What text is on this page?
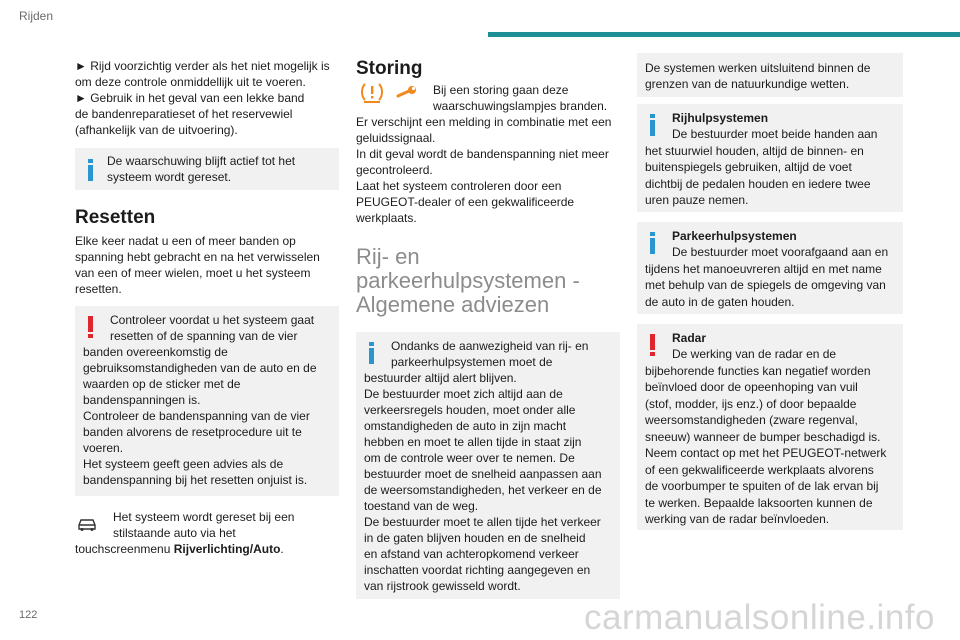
Rijden

► Rijd voorzichtig verder als het niet mogelijk is om deze controle onmiddellijk uit te voeren.

► Gebruik in het geval van een lekke band

de bandenreparatieset of het reservewiel

(afhankelijk van de uitvoering).

De waarschuwing blijft actief tot het systeem wordt gereset.

Resetten

Elke keer nadat u een of meer banden op spanning hebt gebracht en na het verwisselen van een of meer wielen, moet u het systeem resetten.

Controleer voordat u het systeem gaat

resetten of de spanning van de vier

banden overeenkomstig de

gebruiksomstandigheden van de auto en de

waarden op de sticker met de

bandenspanningen is.

Controleer de bandenspanning van de vier

banden alvorens de resetprocedure uit te

voeren.

Het systeem geeft geen advies als de

bandenspanning bij het resetten onjuist is.

Het systeem wordt gereset bij een

stilstaande auto via het

touchscreenmenu Rijverlichting/Auto.

Storing

Bij een storing gaan deze

waarschuwingslampjes branden.

Er verschijnt een melding in combinatie met een

geluidssignaal.

In dit geval wordt de bandenspanning niet meer

gecontroleerd.

Laat het systeem controleren door een

PEUGEOT-dealer of een gekwalificeerde

werkplaats.

Rij- en

parkeerhulpsystemen -

Algemene adviezen

Ondanks de aanwezigheid van rij- en

parkeerhulpsystemen moet de

bestuurder altijd alert blijven.

De bestuurder moet zich altijd aan de

verkeersregels houden, moet onder alle

omstandigheden de auto in zijn macht

hebben en moet te allen tijde in staat zijn

om de controle weer over te nemen. De

bestuurder moet de snelheid aanpassen aan

de weersomstandigheden, het verkeer en de

toestand van de weg.

De bestuurder moet te allen tijde het verkeer

in de gaten blijven houden en de snelheid

en afstand van achteropkomend verkeer

inschatten voordat richting aangegeven en

van rijstrook gewisseld wordt.

De systemen werken uitsluitend binnen de

grenzen van de natuurkundige wetten.

Rijhulpsystemen

De bestuurder moet beide handen aan

het stuurwiel houden, altijd de binnen- en

buitenspiegels gebruiken, altijd de voet

dichtbij de pedalen houden en iedere twee

uren pauze nemen.

Parkeerhulpsystemen

De bestuurder moet voorafgaand aan en

tijdens het manoeuvreren altijd en met name

met behulp van de spiegels de omgeving van

de auto in de gaten houden.

Radar

De werking van de radar en de

bijbehorende functies kan negatief worden

beïnvloed door de opeenhoping van vuil

(stof, modder, ijs enz.) of door bepaalde

weersomstandigheden (zware regenval,

sneeuw) wanneer de bumper beschadigd is.

Neem contact op met het PEUGEOT-netwerk

of een gekwalificeerde werkplaats alvorens

de voorbumper te spuiten of de lak ervan bij

te werken. Bepaalde laksoorten kunnen de

werking van de radar beïnvloeden.

122	carmanualsonline.info
